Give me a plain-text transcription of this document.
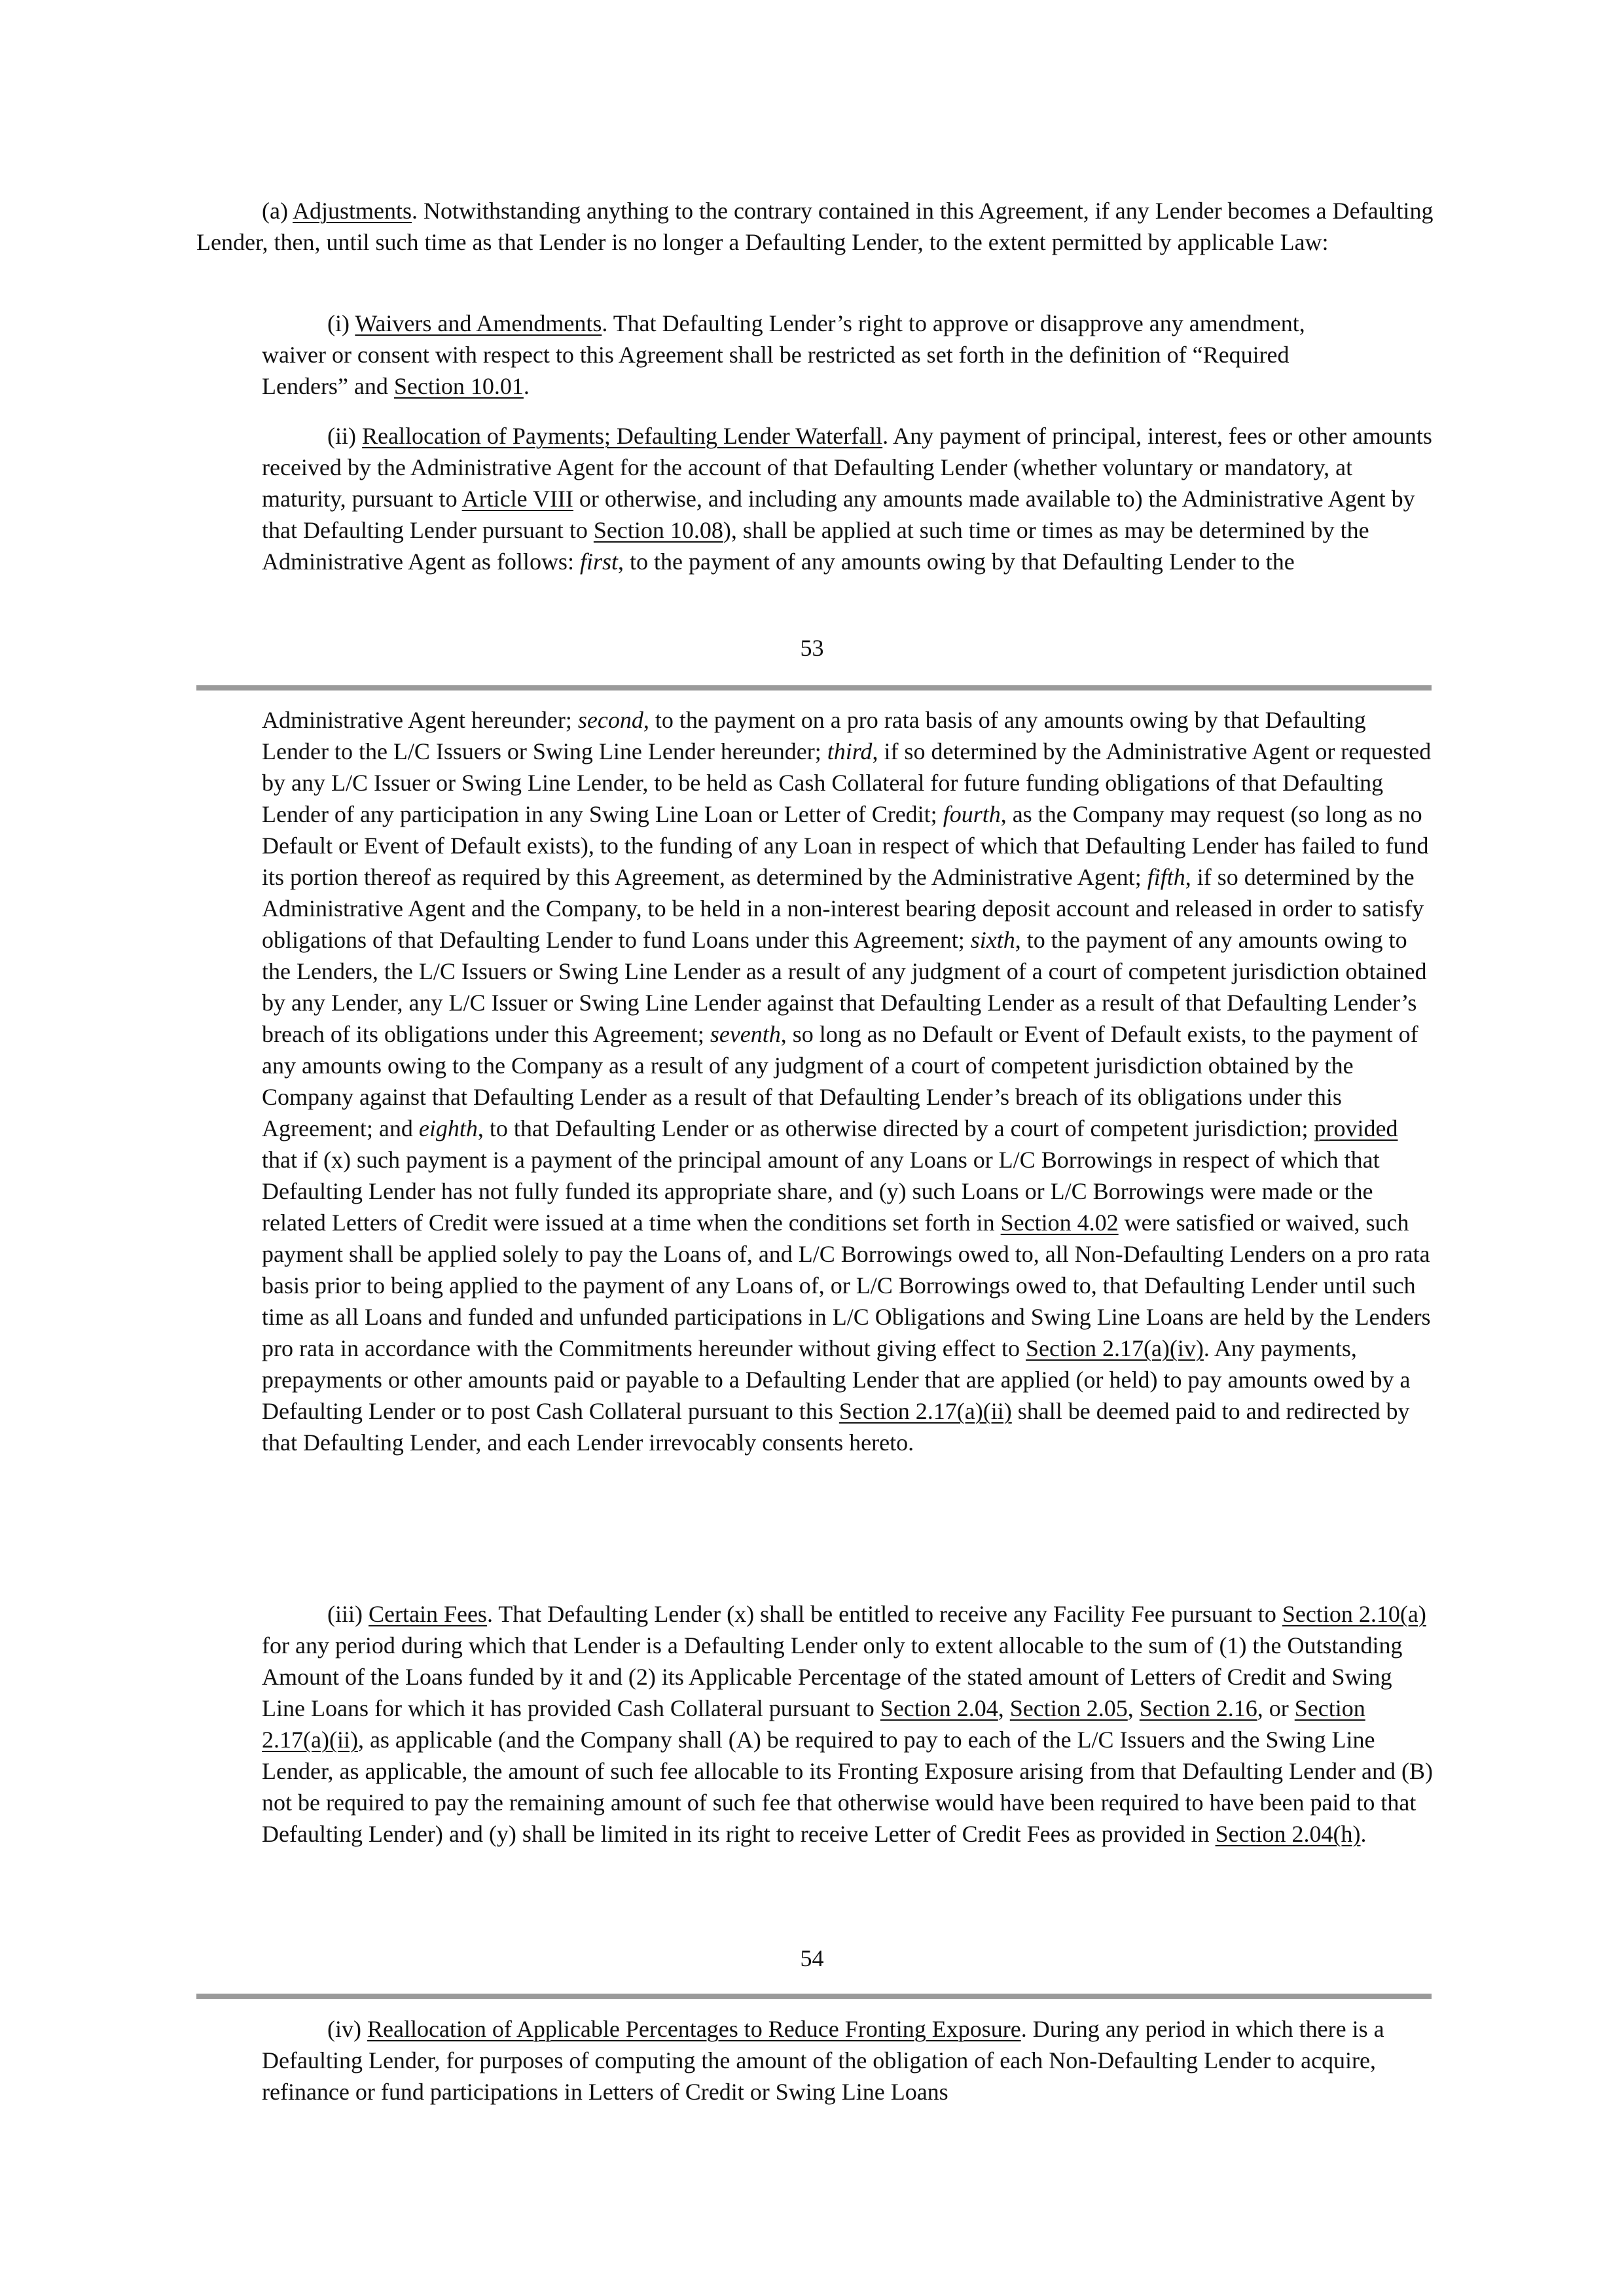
(a) Adjustments. Notwithstanding anything to the contrary contained in this Agreement, if any Lender becomes a Defaulting Lender, then, until such time as that Lender is no longer a Defaulting Lender, to the extent permitted by applicable Law:

(i) Waivers and Amendments. That Defaulting Lender’s right to approve or disapprove any amendment, waiver or consent with respect to this Agreement shall be restricted as set forth in the definition of “Required Lenders” and Section 10.01.

(ii) Reallocation of Payments; Defaulting Lender Waterfall. Any payment of principal, interest, fees or other amounts received by the Administrative Agent for the account of that Defaulting Lender (whether voluntary or mandatory, at maturity, pursuant to Article VIII or otherwise, and including any amounts made available to) the Administrative Agent by that Defaulting Lender pursuant to Section 10.08), shall be applied at such time or times as may be determined by the Administrative Agent as follows: first, to the payment of any amounts owing by that Defaulting Lender to the

53

Administrative Agent hereunder; second, to the payment on a pro rata basis of any amounts owing by that Defaulting Lender to the L/C Issuers or Swing Line Lender hereunder; third, if so determined by the Administrative Agent or requested by any L/C Issuer or Swing Line Lender, to be held as Cash Collateral for future funding obligations of that Defaulting Lender of any participation in any Swing Line Loan or Letter of Credit; fourth, as the Company may request (so long as no Default or Event of Default exists), to the funding of any Loan in respect of which that Defaulting Lender has failed to fund its portion thereof as required by this Agreement, as determined by the Administrative Agent; fifth, if so determined by the Administrative Agent and the Company, to be held in a non-interest bearing deposit account and released in order to satisfy obligations of that Defaulting Lender to fund Loans under this Agreement; sixth, to the payment of any amounts owing to the Lenders, the L/C Issuers or Swing Line Lender as a result of any judgment of a court of competent jurisdiction obtained by any Lender, any L/C Issuer or Swing Line Lender against that Defaulting Lender as a result of that Defaulting Lender’s breach of its obligations under this Agreement; seventh, so long as no Default or Event of Default exists, to the payment of any amounts owing to the Company as a result of any judgment of a court of competent jurisdiction obtained by the Company against that Defaulting Lender as a result of that Defaulting Lender’s breach of its obligations under this Agreement; and eighth, to that Defaulting Lender or as otherwise directed by a court of competent jurisdiction; provided that if (x) such payment is a payment of the principal amount of any Loans or L/C Borrowings in respect of which that Defaulting Lender has not fully funded its appropriate share, and (y) such Loans or L/C Borrowings were made or the related Letters of Credit were issued at a time when the conditions set forth in Section 4.02 were satisfied or waived, such payment shall be applied solely to pay the Loans of, and L/C Borrowings owed to, all Non-Defaulting Lenders on a pro rata basis prior to being applied to the payment of any Loans of, or L/C Borrowings owed to, that Defaulting Lender until such time as all Loans and funded and unfunded participations in L/C Obligations and Swing Line Loans are held by the Lenders pro rata in accordance with the Commitments hereunder without giving effect to Section 2.17(a)(iv). Any payments, prepayments or other amounts paid or payable to a Defaulting Lender that are applied (or held) to pay amounts owed by a Defaulting Lender or to post Cash Collateral pursuant to this Section 2.17(a)(ii) shall be deemed paid to and redirected by that Defaulting Lender, and each Lender irrevocably consents hereto.

(iii) Certain Fees. That Defaulting Lender (x) shall be entitled to receive any Facility Fee pursuant to Section 2.10(a) for any period during which that Lender is a Defaulting Lender only to extent allocable to the sum of (1) the Outstanding Amount of the Loans funded by it and (2) its Applicable Percentage of the stated amount of Letters of Credit and Swing Line Loans for which it has provided Cash Collateral pursuant to Section 2.04, Section 2.05, Section 2.16, or Section 2.17(a)(ii), as applicable (and the Company shall (A) be required to pay to each of the L/C Issuers and the Swing Line Lender, as applicable, the amount of such fee allocable to its Fronting Exposure arising from that Defaulting Lender and (B) not be required to pay the remaining amount of such fee that otherwise would have been required to have been paid to that Defaulting Lender) and (y) shall be limited in its right to receive Letter of Credit Fees as provided in Section 2.04(h).

54

(iv) Reallocation of Applicable Percentages to Reduce Fronting Exposure. During any period in which there is a Defaulting Lender, for purposes of computing the amount of the obligation of each Non-Defaulting Lender to acquire, refinance or fund participations in Letters of Credit or Swing Line Loans
